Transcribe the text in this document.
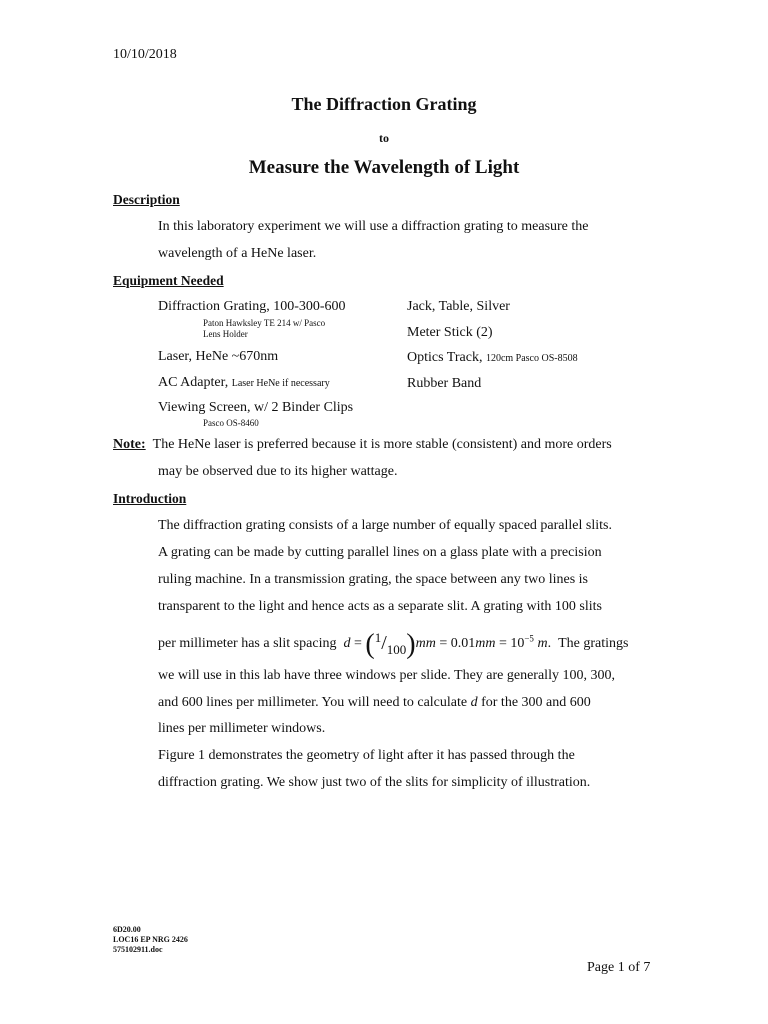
10/10/2018
The Diffraction Grating
to
Measure the Wavelength of Light
Description
In this laboratory experiment we will use a diffraction grating to measure the
wavelength of a HeNe laser.
Equipment Needed
Diffraction Grating, 100-300-600
Paton Hawksley TE 214 w/ Pasco
Lens Holder
Laser, HeNe ~670nm
AC Adapter, Laser HeNe if necessary
Viewing Screen, w/ 2 Binder Clips
Pasco OS-8460
Jack, Table, Silver
Meter Stick (2)
Optics Track, 120cm Pasco OS-8508
Rubber Band
Note: The HeNe laser is preferred because it is more stable (consistent) and more orders
may be observed due to its higher wattage.
Introduction
The diffraction grating consists of a large number of equally spaced parallel slits.
A grating can be made by cutting parallel lines on a glass plate with a precision
ruling machine. In a transmission grating, the space between any two lines is
transparent to the light and hence acts as a separate slit. A grating with 100 slits
per millimeter has a slit spacing $d = (1/100)mm = 0.01mm = 10^{-5}$ m. The gratings
we will use in this lab have three windows per slide. They are generally 100, 300,
and 600 lines per millimeter. You will need to calculate d for the 300 and 600
lines per millimeter windows.
Figure 1 demonstrates the geometry of light after it has passed through the
diffraction grating. We show just two of the slits for simplicity of illustration.
6D20.00
LOC16 EP NRG 2426
575102911.doc
Page 1 of 7
